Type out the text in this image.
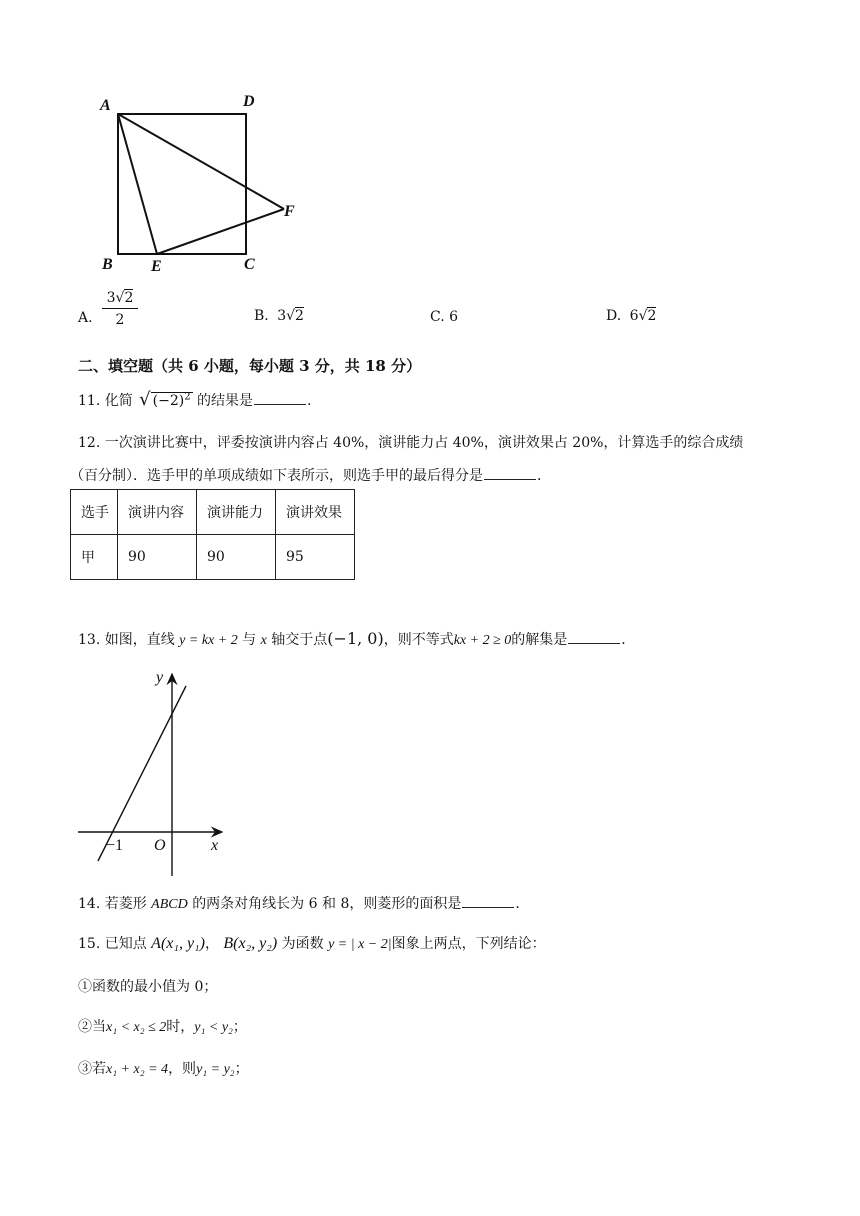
A	D
B E	C
F
A. $\frac{3√2}{2}$	B. 3√2	C. 6	D. 6√2
二、填空题（共 6 小题，每小题 3 分，共 18 分）
11. 化简 √ $(-2)^2$ 的结果是	.
12. 一次演讲比赛中，评委按演讲内容占 40%，演讲能力占 40%，演讲效果占 20%，计算选手的综合成绩
（百分制）．选手甲的单项成绩如下表所示，则选手甲的最后得分是	．
选手	演讲内容	演讲能力	演讲效果
甲	90	90	95
13. 如图，直线 y = kx + 2 与 x 轴交于点(−1, 0)，则不等式kx + 2 ≥ 0的解集是	．
y
x
O
−1
14. 若菱形 ABCD 的两条对角线长为 6 和 8，则菱形的面积是	．
15. 已知点 A(x₁, y₁)， B(x₂, y₂) 为函数 y = | x − 2|图象上两点，下列结论：
①函数的最小值为 0；
②当x₁ < x₂ ≤ 2时，y₁ < y₂；
③若x₁ + x₂ = 4，则y₁ = y₂；
